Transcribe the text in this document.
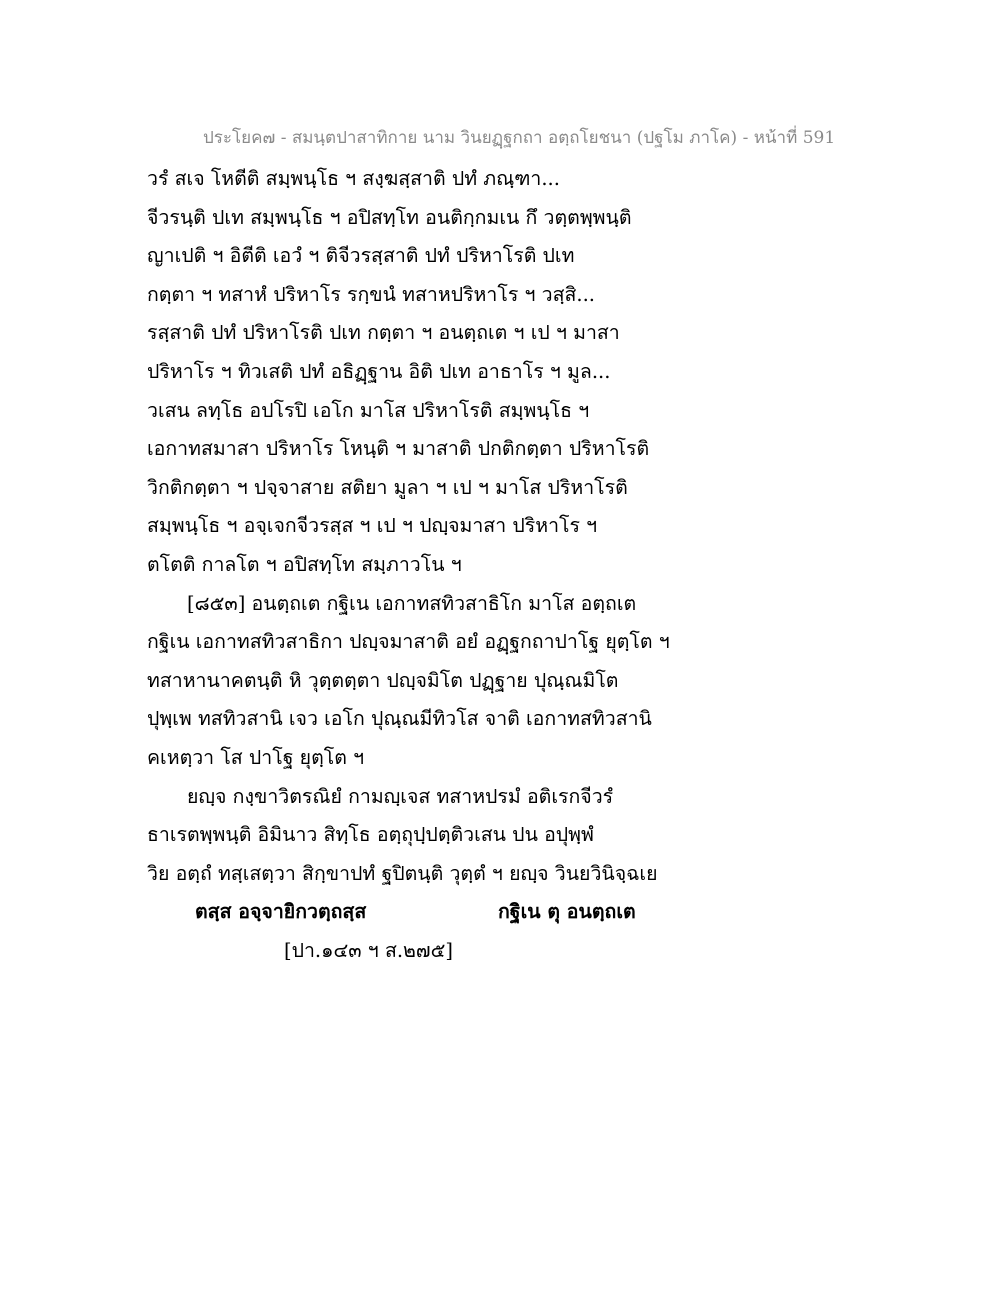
ประโยค๗ - สมนฺตปาสาทิกาย นาม วินยฏฺฐกถา อตฺถโยชนา (ปฐโม ภาโค) - หน้าที่ 591
วรํ สเจ โหตีติ สมฺพนฺโธ ฯ สงฺฆสฺสาติ ปทํ ภณฺฑา...
จีวรนฺติ ปเท สมฺพนฺโธ ฯ อปิสทฺโท อนติกฺกมเน กึ วตฺตพฺพนฺติ
ญาเปติ ฯ อิตีติ เอวํ ฯ ติจีวรสฺสาติ ปทํ ปริหาโรติ ปเท
กตฺตา ฯ ทสาหํ ปริหาโร รกฺขนํ ทสาหปริหาโร ฯ วสฺสิ...
รสฺสาติ ปทํ ปริหาโรติ ปเท กตฺตา ฯ อนตฺถเต ฯ เป ฯ มาสา
ปริหาโร ฯ ทิวเสติ ปทํ อธิฏฺฐาน อิติ ปเท อาธาโร ฯ มูล...
วเสน ลทฺโธ อปโรปิ เอโก มาโส ปริหาโรติ สมฺพนฺโธ ฯ
เอกาทสมาสา ปริหาโร โหนฺติ ฯ มาสาติ ปกติกตฺตา ปริหาโรติ
วิกติกตฺตา ฯ ปจฺจาสาย สติยา มูลา ฯ เป ฯ มาโส ปริหาโรติ
สมฺพนฺโธ ฯ อจฺเจกจีวรสฺส ฯ เป ฯ ปญฺจมาสา ปริหาโร ฯ
ตโตติ กาลโต ฯ อปิสทฺโท สมฺภาวโน ฯ
[๘๕๓] อนตฺถเต กฐิเน เอกาทสทิวสาธิโก มาโส อตฺถเต
กฐิเน เอกาทสทิวสาธิกา ปญฺจมาสาติ อยํ อฏฺฐกถาปาโฐ ยุตฺโต ฯ
ทสาหานาคตนฺติ หิ วุตฺตตฺตา ปญฺจมิโต ปฏฺฐาย ปุณฺณมิโต
ปุพฺเพ ทสทิวสานิ เจว เอโก ปุณฺณมีทิวโส จาติ เอกาทสทิวสานิ
คเหตฺวา โส ปาโฐ ยุตฺโต ฯ
ยญฺจ กงฺขาวิตรณิยํ กามญฺเจส ทสาหปรมํ อติเรกจีวรํ
ธาเรตพฺพนฺติ อิมินาว สิทฺโธ อตฺถุปฺปตฺติวเสน ปน อปุพฺพํ
วิย อตฺถํ ทสฺเสตฺวา สิกฺขาปทํ ฐปิตนฺติ วุตฺตํ ฯ ยญฺจ วินยวินิจฺฉเย
ตสฺส อจฺจายิกวตฺถสฺส	กฐิเน ตุ อนตฺถเต
[ปา.๑๔๓ ฯ ส.๒๗๕]
